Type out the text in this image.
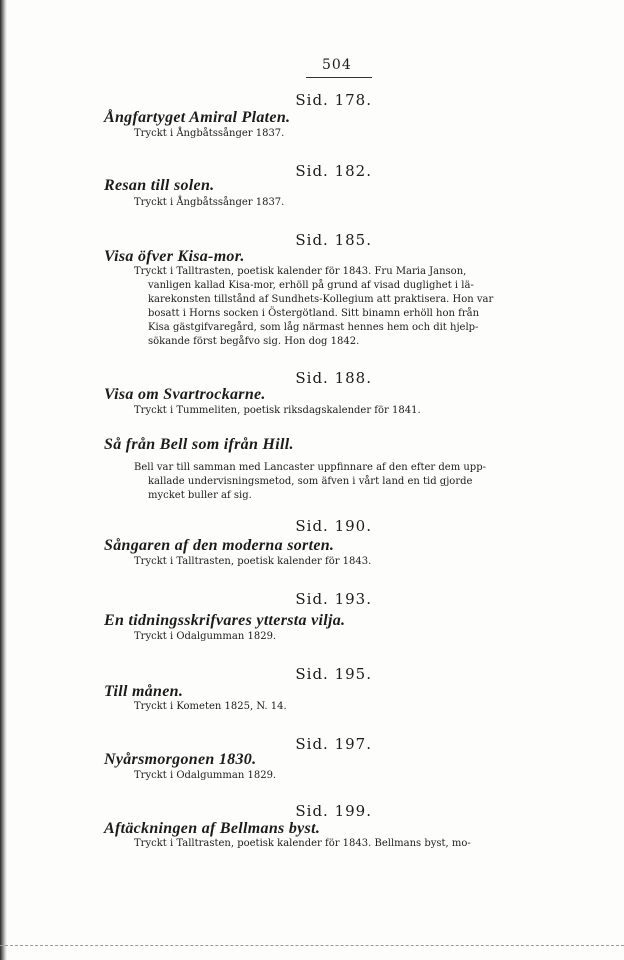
504
Sid. 178.
Ångfartyget Amiral Platen.
Tryckt i Ångbåtssånger 1837.
Sid. 182.
Resan till solen.
Tryckt i Ångbåtssånger 1837.
Sid. 185.
Visa öfver Kisa-mor.
Tryckt i Talltrasten, poetisk kalender för 1843. Fru Maria Janson,
vanligen kallad Kisa-mor, erhöll på grund af visad duglighet i lä-
karekonsten tillstånd af Sundhets-Kollegium att praktisera. Hon var
bosatt i Horns socken i Östergötland. Sitt binamn erhöll hon från
Kisa gästgifvaregård, som låg närmast hennes hem och dit hjelp-
sökande först begåfvo sig. Hon dog 1842.
Sid. 188.
Visa om Svartrockarne.
Tryckt i Tummeliten, poetisk riksdagskalender för 1841.
Så från Bell som ifrån Hill.
Bell var till samman med Lancaster uppfinnare af den efter dem upp-
kallade undervisningsmetod, som äfven i vårt land en tid gjorde
mycket buller af sig.
Sid. 190.
Sångaren af den moderna sorten.
Tryckt i Talltrasten, poetisk kalender för 1843.
Sid. 193.
En tidningsskrifvares yttersta vilja.
Tryckt i Odalgumman 1829.
Sid. 195.
Till månen.
Tryckt i Kometen 1825, N. 14.
Sid. 197.
Nyårsmorgonen 1830.
Tryckt i Odalgumman 1829.
Sid. 199.
Aftäckningen af Bellmans byst.
Tryckt i Talltrasten, poetisk kalender för 1843. Bellmans byst, mo-
